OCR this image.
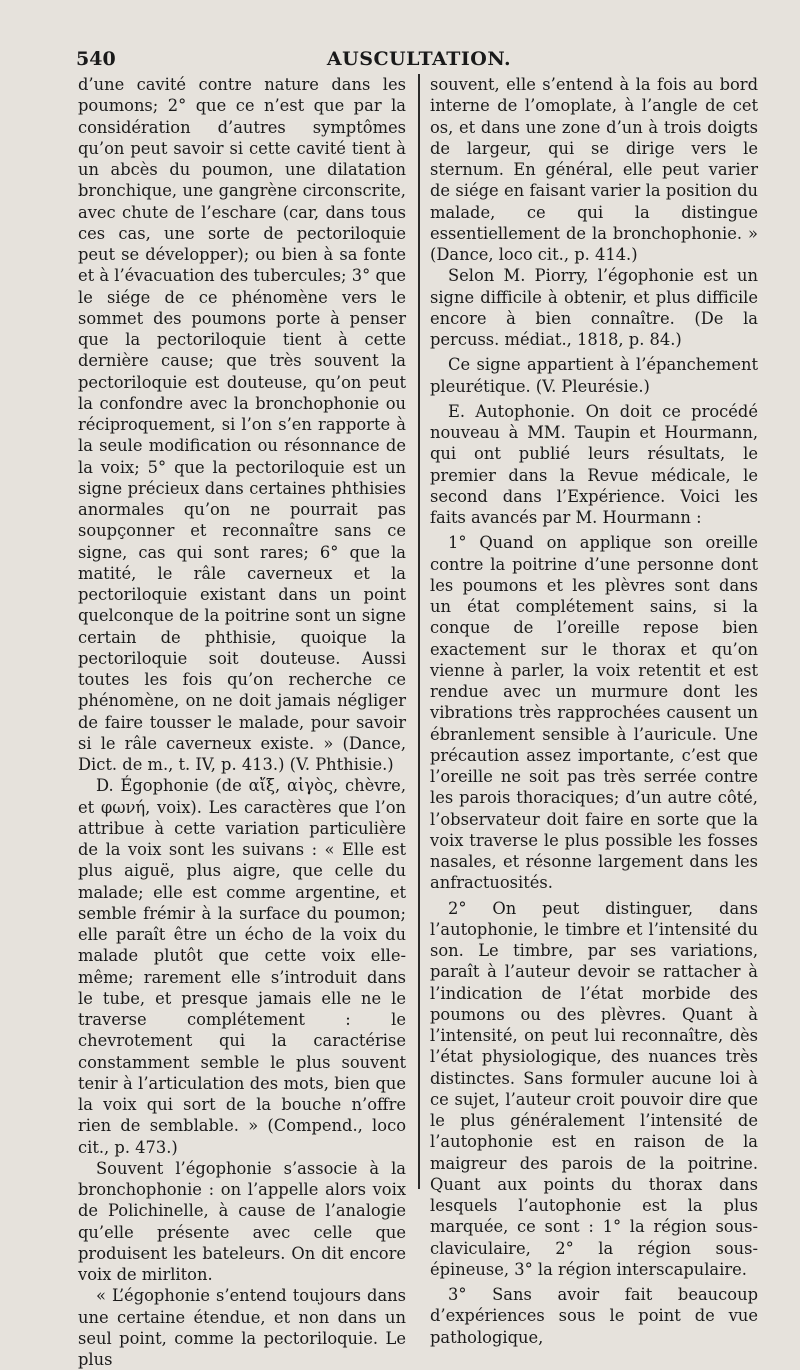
540	AUSCULTATION.

d’une cavité contre nature dans les poumons; 2° que ce n’est que par la considération d’autres symptômes qu’on peut savoir si cette cavité tient à un abcès du poumon, une dilatation bronchique, une gangrène circonscrite, avec chute de l’eschare (car, dans tous ces cas, une sorte de pectoriloquie peut se développer); ou bien à sa fonte et à l’évacuation des tubercules; 3° que le siége de ce phénomène vers le sommet des poumons porte à penser que la pectoriloquie tient à cette dernière cause; que très souvent la pectoriloquie est douteuse, qu’on peut la confondre avec la bronchophonie ou réciproquement, si l’on s’en rapporte à la seule modification ou résonnance de la voix; 5° que la pectoriloquie est un signe précieux dans certaines phthisies anormales qu’on ne pourrait pas soupçonner et reconnaître sans ce signe, cas qui sont rares; 6° que la matité, le râle caverneux et la pectoriloquie existant dans un point quelconque de la poitrine sont un signe certain de phthisie, quoique la pectoriloquie soit douteuse. Aussi toutes les fois qu’on recherche ce phénomène, on ne doit jamais négliger de faire tousser le malade, pour savoir si le râle caverneux existe. » (Dance, Dict. de m., t. IV, p. 413.) (V. Phthisie.)

D. Égophonie (de αἴξ, αἰγὸς, chèvre, et φωνή, voix). Les caractères que l’on attribue à cette variation particulière de la voix sont les suivans : « Elle est plus aiguë, plus aigre, que celle du malade; elle est comme argentine, et semble frémir à la surface du poumon; elle paraît être un écho de la voix du malade plutôt que cette voix elle-même; rarement elle s’introduit dans le tube, et presque jamais elle ne le traverse complétement : le chevrotement qui la caractérise constamment semble le plus souvent tenir à l’articulation des mots, bien que la voix qui sort de la bouche n’offre rien de semblable. » (Compend., loco cit., p. 473.)

Souvent l’égophonie s’associe à la bronchophonie : on l’appelle alors voix de Polichinelle, à cause de l’analogie qu’elle présente avec celle que produisent les bateleurs. On dit encore voix de mirliton.

« L’égophonie s’entend toujours dans une certaine étendue, et non dans un seul point, comme la pectoriloquie. Le plus

souvent, elle s’entend à la fois au bord interne de l’omoplate, à l’angle de cet os, et dans une zone d’un à trois doigts de largeur, qui se dirige vers le sternum. En général, elle peut varier de siége en faisant varier la position du malade, ce qui la distingue essentiellement de la bronchophonie. » (Dance, loco cit., p. 414.)

Selon M. Piorry, l’égophonie est un signe difficile à obtenir, et plus difficile encore à bien connaître. (De la percuss. médiat., 1818, p. 84.)

Ce signe appartient à l’épanchement pleurétique. (V. Pleurésie.)

E. Autophonie. On doit ce procédé nouveau à MM. Taupin et Hourmann, qui ont publié leurs résultats, le premier dans la Revue médicale, le second dans l’Expérience. Voici les faits avancés par M. Hourmann :

1° Quand on applique son oreille contre la poitrine d’une personne dont les poumons et les plèvres sont dans un état complétement sains, si la conque de l’oreille repose bien exactement sur le thorax et qu’on vienne à parler, la voix retentit et est rendue avec un murmure dont les vibrations très rapprochées causent un ébranlement sensible à l’auricule. Une précaution assez importante, c’est que l’oreille ne soit pas très serrée contre les parois thoraciques; d’un autre côté, l’observateur doit faire en sorte que la voix traverse le plus possible les fosses nasales, et résonne largement dans les anfractuosités.

2° On peut distinguer, dans l’autophonie, le timbre et l’intensité du son. Le timbre, par ses variations, paraît à l’auteur devoir se rattacher à l’indication de l’état morbide des poumons ou des plèvres. Quant à l’intensité, on peut lui reconnaître, dès l’état physiologique, des nuances très distinctes. Sans formuler aucune loi à ce sujet, l’auteur croit pouvoir dire que le plus généralement l’intensité de l’autophonie est en raison de la maigreur des parois de la poitrine. Quant aux points du thorax dans lesquels l’autophonie est la plus marquée, ce sont : 1° la région sous-claviculaire, 2° la région sous-épineuse, 3° la région interscapulaire.

3° Sans avoir fait beaucoup d’expériences sous le point de vue pathologique,
